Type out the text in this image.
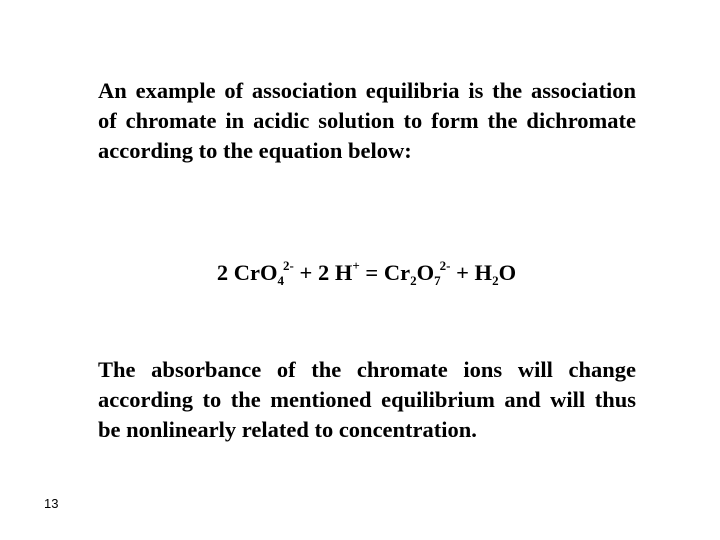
An example of association equilibria is the association of chromate in acidic solution to form the dichromate according to the equation below:

2 CrO$_4^{2-}$ + 2 $H^+ = Cr_2O_7^{2-} + H_2O$

The absorbance of the chromate ions will change according to the mentioned equilibrium and will thus be nonlinearly related to concentration.

13
